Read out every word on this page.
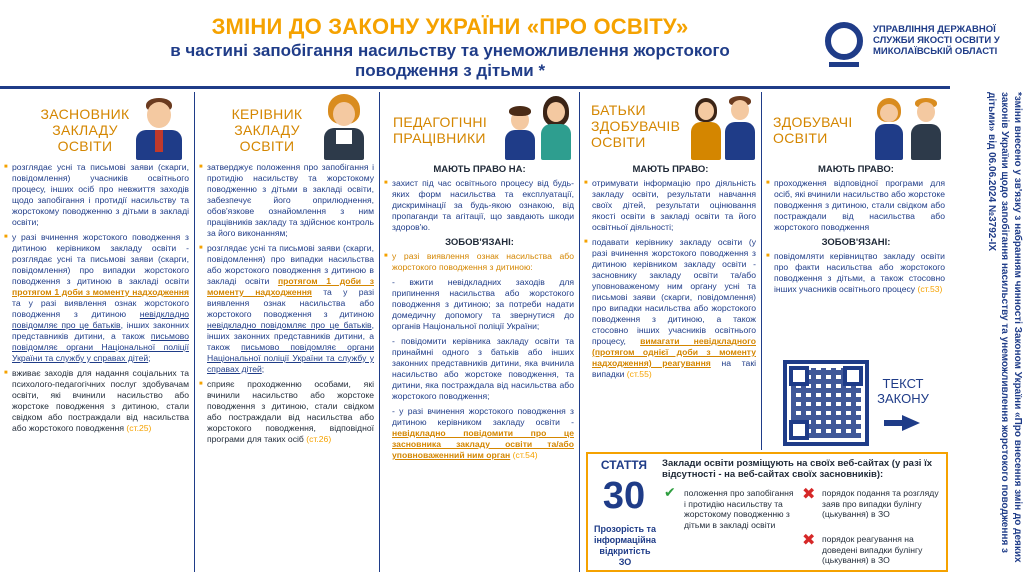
ЗМІНИ ДО ЗАКОНУ УКРАЇНИ «ПРО ОСВІТУ»
в частині запобігання насильству та унеможливлення жорстокого поводження з дітьми *
УПРАВЛІННЯ ДЕРЖАВНОЇ СЛУЖБИ ЯКОСТІ ОСВІТИ У МИКОЛАЇВСЬКІЙ ОБЛАСТІ
ЗАСНОВНИК ЗАКЛАДУ ОСВІТИ

■ розглядає усні та письмові заяви (скарги, повідомлення) учасників освітнього процесу, інших осіб про невжиття заходів щодо запобігання і протидії насильству та жорстокому поводженню з дітьми в закладі освіти;

■ у разі вчинення жорстокого поводження з дитиною керівником закладу освіти - розглядає усні та письмові заяви (скарги, повідомлення) про випадки жорстокого поводження з дитиною в закладі освіти протягом 1 доби з моменту надходження та у разі виявлення ознак жорстокого поводження з дитиною невідкладно повідомляє про це батьків, інших законних представників дитини, а також письмово повідомляє органи Національної поліції України та службу у справах дітей;

■ вживає заходів для надання соціальних та психолого-педагогічних послуг здобувачам освіти, які вчинили насильство або жорстоке поводження з дитиною, стали свідком або постраждали від насильства або жорстокого поводження (ст.25)

КЕРІВНИК ЗАКЛАДУ ОСВІТИ

■ затверджує положення про запобігання і протидію насильству та жорстокому поводженню з дітьми в закладі освіти, забезпечує його оприлюднення, обов'язкове ознайомлення з ним працівників закладу та здійснює контроль за його виконанням;

■ розглядає усні та письмові заяви (скарги, повідомлення) про випадки насильства або жорстокого поводження з дитиною в закладі освіти протягом 1 доби з моменту надходження та у разі виявлення ознак насильства або жорстокого поводження з дитиною невідкладно повідомляє про це батьків, інших законних представників дитини, а також письмово повідомляє органи Національної поліції України та службу у справах дітей;

■ сприяє проходженню особами, які вчинили насильство або жорстоке поводження з дитиною, стали свідком або постраждали від насильства або жорстокого поводження, відповідної програми для таких осіб (ст.26)

ПЕДАГОГІЧНІ ПРАЦІВНИКИ
МАЮТЬ ПРАВО НА:

■ захист під час освітнього процесу від будь-яких форм насильства та експлуатації, дискримінації за будь-якою ознакою, від пропаганди та агітації, що завдають шкоди здоров'ю.

ЗОБОВ'ЯЗАНІ:

■ у разі виявлення ознак насильства або жорстокого поводження з дитиною:

- вжити невідкладних заходів для припинення насильства або жорстокого поводження з дитиною; за потреби надати домедичну допомогу та звернутися до органів Національної поліції України;

- повідомити керівника закладу освіти та принаймні одного з батьків або інших законних представників дитини, яка вчинила насильство або жорстоке поводження, та дитини, яка постраждала від насильства або жорстокого поводження;

- у разі вчинення жорстокого поводження з дитиною керівником закладу освіти - невідкладно повідомити про це засновника закладу освіти та/або уповноваженний ним орган (ст.54)

БАТЬКИ ЗДОБУВАЧІВ ОСВІТИ
МАЮТЬ ПРАВО:

■ отримувати інформацію про діяльність закладу освіти, результати навчання своїх дітей, результати оцінювання якості освіти в закладі освіти та його освітньої діяльності;

■ подавати керівнику закладу освіти (у разі вчинення жорстокого поводження з дитиною керівником закладу освіти - засновнику закладу освіти та/або уповноваженому ним органу усні та письмові заяви (скарги, повідомлення) про випадки насильства або жорстокого поводження з дитиною, а також стосовно інших учасників освітнього процесу, вимагати невідкладного (протягом однієї доби з моменту надходження) реагування на такі випадки (ст.55)

ЗДОБУВАЧІ ОСВІТИ
МАЮТЬ ПРАВО:

■ проходження відповідної програми для осіб, які вчинили насильство або жорстоке поводження з дитиною, стали свідком або постраждали від насильства або жорстокого поводження

ЗОБОВ'ЯЗАНІ:

■ повідомляти керівництво закладу освіти про факти насильства або жорстокого поводження з дітьми, а також стосовно інших учасників освітнього процесу (ст.53)

ТЕКСТ ЗАКОНУ
СТАТТЯ
30
Прозорість та інформаційна відкритість ЗО
Заклади освіти розміщують на своїх веб-сайтах (у разі їх відсутності - на веб-сайтах своїх засновників):
✔ положення про запобігання і протидію насильству та жорстокому поводженню з дітьми в закладі освіти
✖ порядок подання та розгляду заяв про випадки булінгу (цькування) в ЗО
✖ порядок реагування на доведені випадки булінгу (цькування) в ЗО	*зміни внесено у зв'язку з набранням чинності Законом України «Про внесення змін до деяких законів України щодо запобігання насильству та унеможливлення жорстокого поводження з дітьми» від 06.06.2024 №3792-IX
